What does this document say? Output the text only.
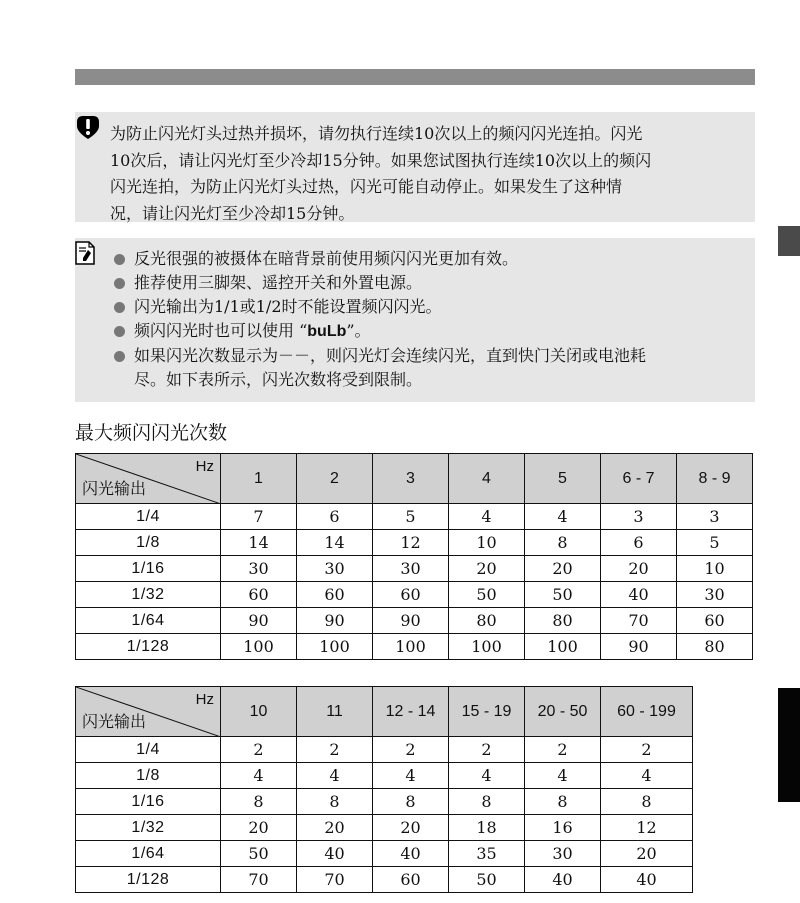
为防止闪光灯头过热并损坏，请勿执行连续10次以上的频闪闪光连拍。闪光
10次后，请让闪光灯至少冷却15分钟。如果您试图执行连续10次以上的频闪
闪光连拍，为防止闪光灯头过热，闪光可能自动停止。如果发生了这种情
况，请让闪光灯至少冷却15分钟。

反光很强的被摄体在暗背景前使用频闪闪光更加有效。
推荐使用三脚架、遥控开关和外置电源。
闪光输出为1/1或1/2时不能设置频闪闪光。
频闪闪光时也可以使用 “buLb”。
如果闪光次数显示为－－，则闪光灯会连续闪光，直到快门关闭或电池耗
尽。如下表所示，闪光次数将受到限制。
最大频闪闪光次数
Hz
闪光输出	1	2	3	4	5	6 - 7	8 - 9
1/4	7	6	5	4	4	3	3
1/8	14	14	12	10	8	6	5
1/16	30	30	30	20	20	20	10
1/32	60	60	60	50	50	40	30
1/64	90	90	90	80	80	70	60
1/128	100	100	100	100	100	90	80
Hz
闪光输出	10	11	12 - 14	15 - 19	20 - 50	60 - 199
1/4	2	2	2	2	2	2
1/8	4	4	4	4	4	4
1/16	8	8	8	8	8	8
1/32	20	20	20	18	16	12
1/64	50	40	40	35	30	20
1/128	70	70	60	50	40	40
